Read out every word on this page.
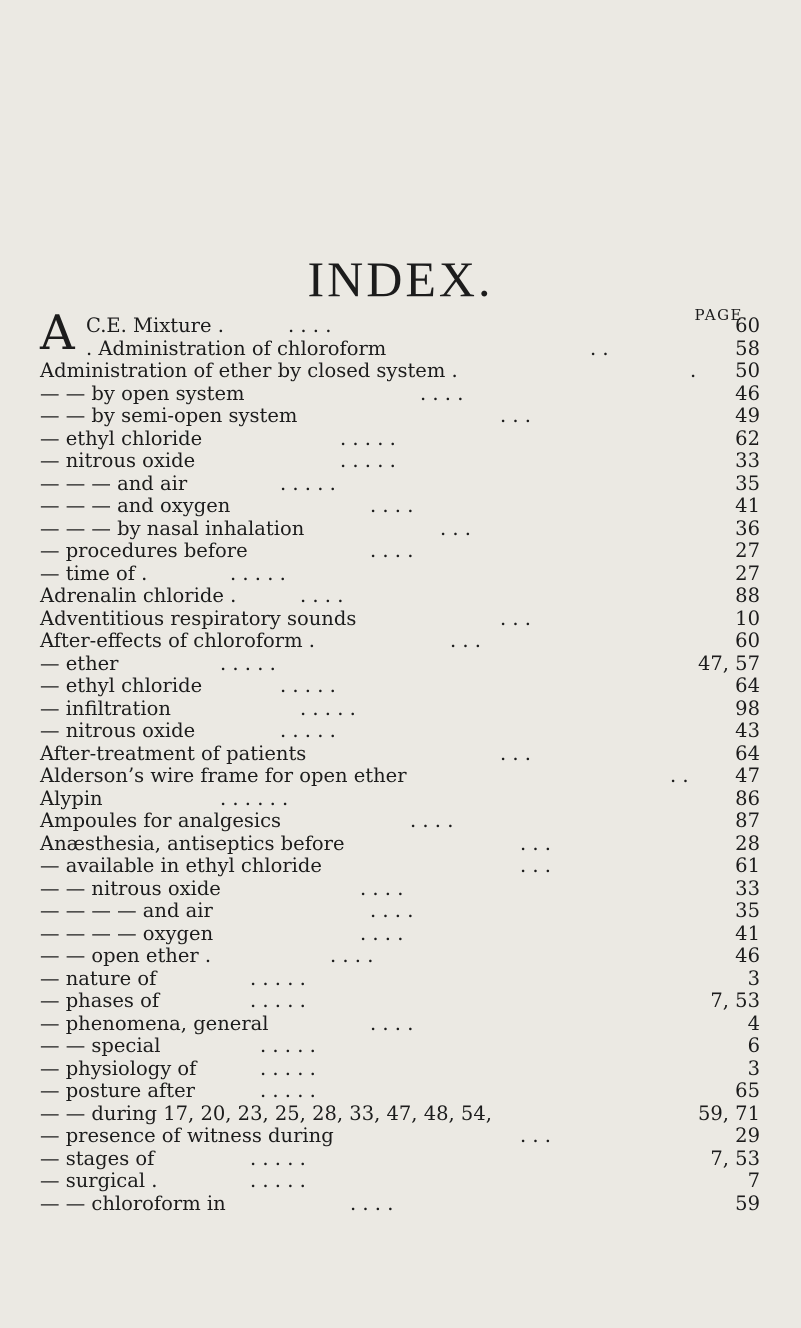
INDEX.
PAGE
C.E. Mixture .	. . . .	60
A . Administration of chloroform	. .	58
Administration of ether by closed system .	. 50
— — by open system	. . . .	46
— — by semi-open system	. . .	49
— ethyl chloride	. . . . .	62
— nitrous oxide	. . . . .	33
— — — and air	. . . . .	35
— — — and oxygen	. . . .	41
— — — by nasal inhalation	. . .	36
— procedures before	. . . .	27
— time of .	. . . . .	27
Adrenalin chloride .	. . . .	88
Adventitious respiratory sounds	. . .	10
After-effects of chloroform .	. . .	60
— ether	. . . . .	47, 57
— ethyl chloride	. . . . .	64
— infiltration	. . . . .	98
— nitrous oxide	. . . . .	43
After-treatment of patients	. . .	64
Alderson’s wire frame for open ether	. . 47
Alypin	. . . . . .	86
Ampoules for analgesics	. . . .	87
Anæsthesia, antiseptics before	. . .	28
— available in ethyl chloride	. . .	61
— — nitrous oxide	. . . .	33
— — — — and air	. . . .	35
— — — — oxygen	. . . .	41
— — open ether .	. . . .	46
— nature of	. . . . .	3
— phases of	. . . . .	7, 53
— phenomena, general	. . . .	4
— — special	. . . . .	6
— physiology of	. . . . .	3
— posture after	. . . . .	65
— — during 17, 20, 23, 25, 28, 33, 47, 48, 54,	59, 71
— presence of witness during	. . .	29
— stages of	. . . . .	7, 53
— surgical .	. . . . .	7
— — chloroform in	. . . .	59
